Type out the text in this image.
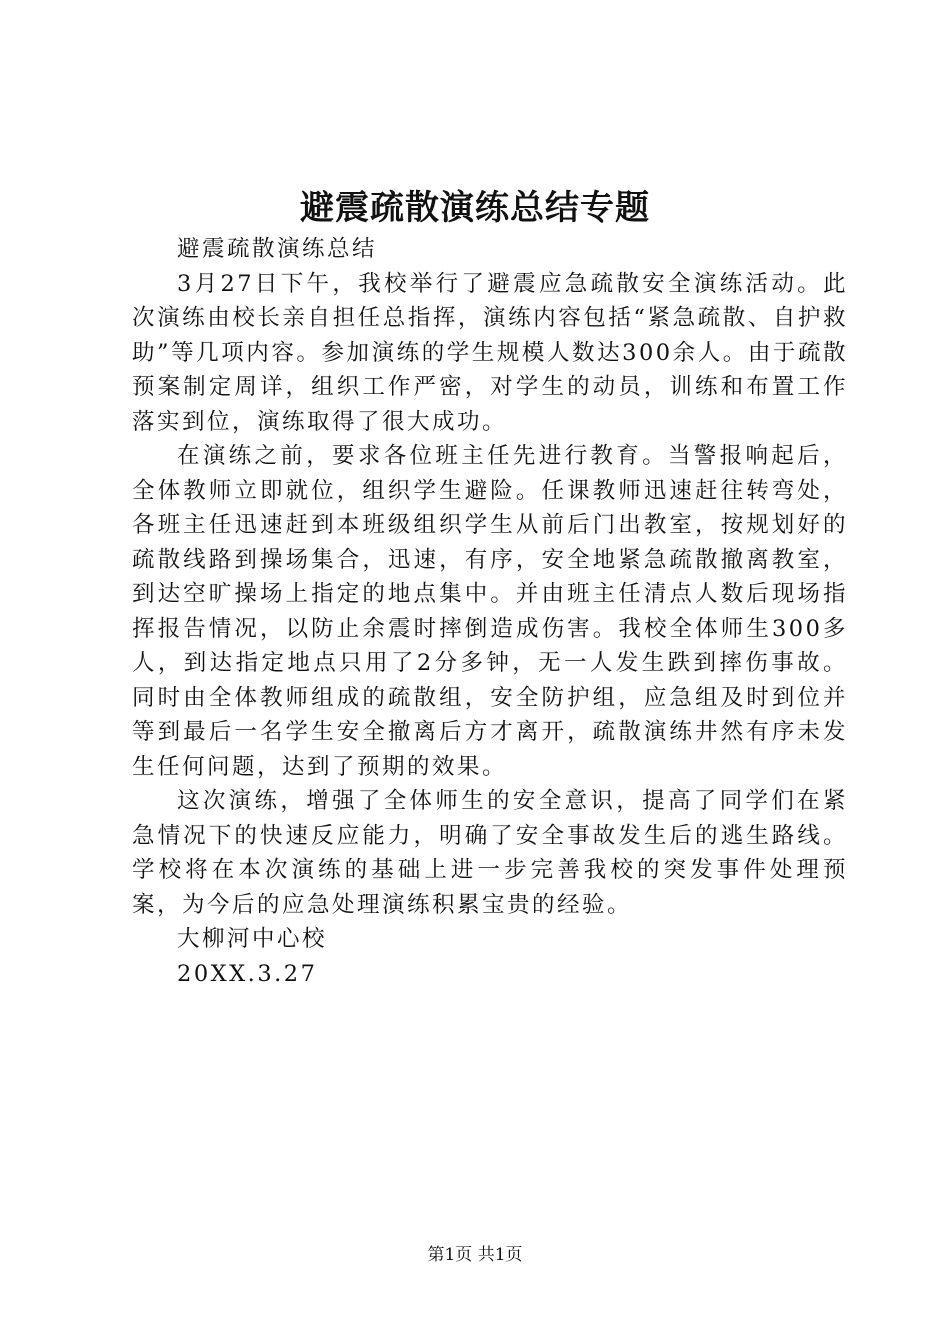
避震疏散演练总结专题

避震疏散演练总结

3月27日下午，我校举行了避震应急疏散安全演练活动。此次演练由校长亲自担任总指挥，演练内容包括“紧急疏散、自护救助”等几项内容。参加演练的学生规模人数达300余人。由于疏散预案制定周详，组织工作严密，对学生的动员，训练和布置工作落实到位，演练取得了很大成功。

在演练之前，要求各位班主任先进行教育。当警报响起后，全体教师立即就位，组织学生避险。任课教师迅速赶往转弯处，各班主任迅速赶到本班级组织学生从前后门出教室，按规划好的疏散线路到操场集合，迅速，有序，安全地紧急疏散撤离教室，到达空旷操场上指定的地点集中。并由班主任清点人数后现场指挥报告情况，以防止余震时摔倒造成伤害。我校全体师生300多人，到达指定地点只用了2分多钟，无一人发生跌到摔伤事故。同时由全体教师组成的疏散组，安全防护组，应急组及时到位并等到最后一名学生安全撤离后方才离开，疏散演练井然有序未发生任何问题，达到了预期的效果。

这次演练，增强了全体师生的安全意识，提高了同学们在紧急情况下的快速反应能力，明确了安全事故发生后的逃生路线。学校将在本次演练的基础上进一步完善我校的突发事件处理预案，为今后的应急处理演练积累宝贵的经验。

大柳河中心校

20XX.3.27

第1页 共1页
